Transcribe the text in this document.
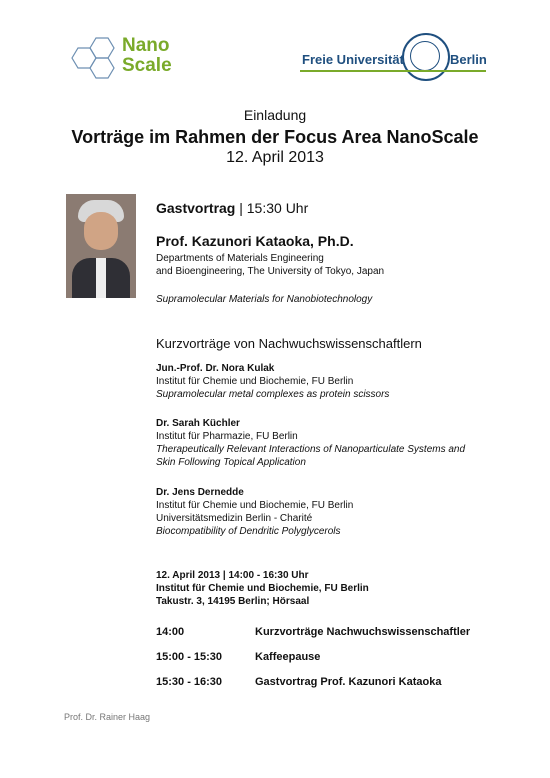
Nano
Scale	Freie Universität	Berlin
Einladung
Vorträge im Rahmen der Focus Area NanoScale
12. April 2013
Gastvortrag | 15:30 Uhr
Prof. Kazunori Kataoka, Ph.D.
Departments of Materials Engineering
and Bioengineering, The University of Tokyo, Japan
Supramolecular Materials for Nanobiotechnology
Kurzvorträge von Nachwuchswissenschaftlern
Jun.-Prof. Dr. Nora Kulak
Institut für Chemie und Biochemie, FU Berlin
Supramolecular metal complexes as protein scissors
Dr. Sarah Küchler
Institut für Pharmazie, FU Berlin
Therapeutically Relevant Interactions of Nanoparticulate Systems and Skin Following Topical Application
Dr. Jens Dernedde
Institut für Chemie und Biochemie, FU Berlin
Universitätsmedizin Berlin - Charité
Biocompatibility of Dendritic Polyglycerols
12. April 2013 | 14:00 - 16:30 Uhr
Institut für Chemie und Biochemie, FU Berlin
Takustr. 3, 14195 Berlin; Hörsaal
14:00	Kurzvorträge Nachwuchswissenschaftler
15:00 - 15:30	Kaffeepause
15:30 - 16:30	Gastvortrag Prof. Kazunori Kataoka
Prof. Dr. Rainer Haag
